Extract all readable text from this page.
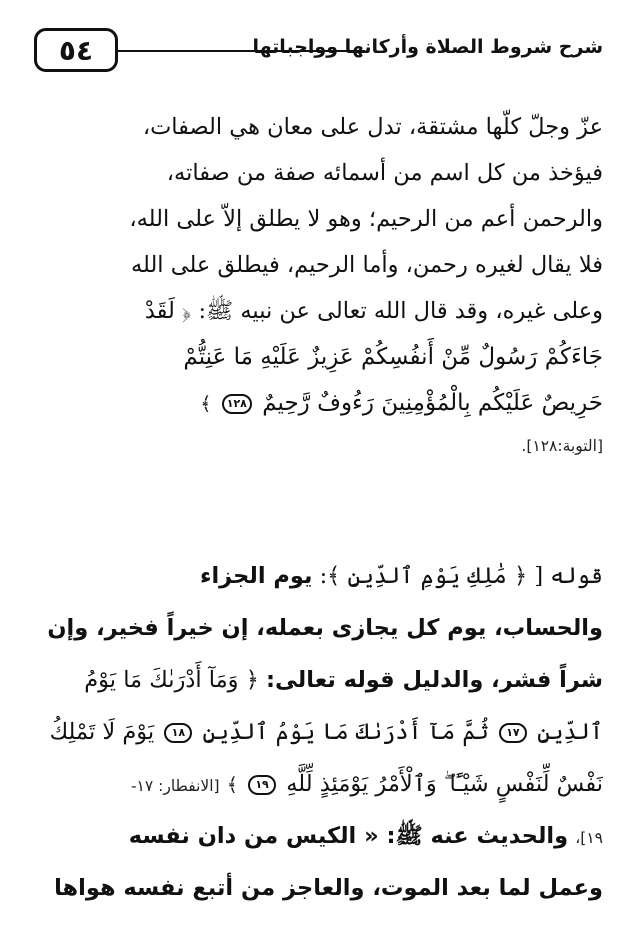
٥٤	شرح شروط الصلاة وأركانها وواجباتها
عزّ وجلّ كلّها مشتقة، تدل على معان هي الصفات،
فيؤخذ من كل اسم من أسمائه صفة من صفاته،
والرحمن أعم من الرحيم؛ وهو لا يطلق إلاّ على الله،
فلا يقال لغيره رحمن، وأما الرحيم، فيطلق على الله
وعلى غيره، وقد قال الله تعالى عن نبيه ﷺ: ﴿ لَقَدْ
جَاءَكُمْ رَسُولٌ مِّنْ أَنفُسِكُمْ عَزِيزٌ عَلَيْهِ مَا عَنِتُّمْ
حَرِيصٌ عَلَيْكُم بِالْمُؤْمِنِينَ رَءُوفٌ رَّحِيمٌ ١٢٨ ﴾
[التوبة:١٢٨].
قوله [ ﴿ مَٰلِكِ يَوْمِ ٱلدِّينِ ﴾: يوم الجزاء
والحساب، يوم كل يجازى بعمله، إن خيراً فخير، وإن
شراً فشر، والدليل قوله تعالى: ﴿ وَمَآ أَدْرَىٰكَ مَا يَوْمُ
ٱلدِّينِ ١٧ ثُمَّ مَآ أَدْرَىٰكَ مَا يَوْمُ ٱلدِّينِ ١٨ يَوْمَ لَا تَمْلِكُ
نَفْسٌ لِّنَفْسٍ شَيْـًٔا ۖ وَٱلْأَمْرُ يَوْمَئِذٍ لِّلَّهِ ١٩ ﴾ [الانفطار: ١٧-
١٩]، والحديث عنه ﷺ: « الكيس من دان نفسه
وعمل لما بعد الموت، والعاجز من أتبع نفسه هواها
